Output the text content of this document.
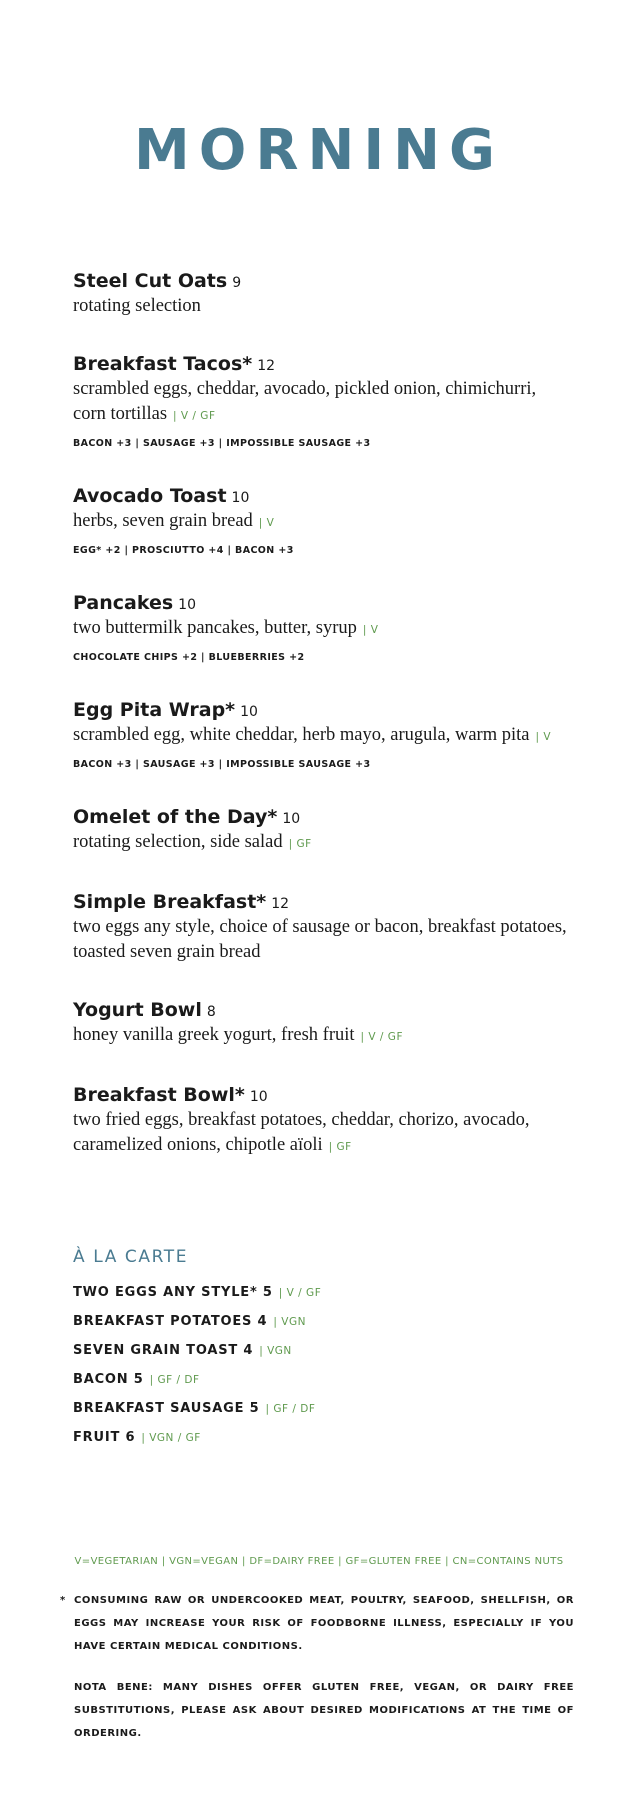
MORNING
Steel Cut Oats 9
rotating selection
Breakfast Tacos* 12
scrambled eggs, cheddar, avocado, pickled onion, chimichurri, corn tortillas | V / GF
BACON +3 | SAUSAGE +3 | IMPOSSIBLE SAUSAGE +3
Avocado Toast 10
herbs, seven grain bread | V
EGG* +2 | PROSCIUTTO +4 | BACON +3
Pancakes 10
two buttermilk pancakes, butter, syrup | V
CHOCOLATE CHIPS +2 | BLUEBERRIES +2
Egg Pita Wrap* 10
scrambled egg, white cheddar, herb mayo, arugula, warm pita | V
BACON +3 | SAUSAGE +3 | IMPOSSIBLE SAUSAGE +3
Omelet of the Day* 10
rotating selection, side salad | GF
Simple Breakfast* 12
two eggs any style, choice of sausage or bacon, breakfast potatoes, toasted seven grain bread
Yogurt Bowl 8
honey vanilla greek yogurt, fresh fruit | V / GF
Breakfast Bowl* 10
two fried eggs, breakfast potatoes, cheddar, chorizo, avocado, caramelized onions, chipotle aïoli | GF
À LA CARTE
TWO EGGS ANY STYLE* 5 | V / GF
BREAKFAST POTATOES 4 | VGN
SEVEN GRAIN TOAST 4 | VGN
BACON 5 | GF / DF
BREAKFAST SAUSAGE 5 | GF / DF
FRUIT 6 | VGN / GF
V=VEGETARIAN | VGN=VEGAN | DF=DAIRY FREE | GF=GLUTEN FREE | CN=CONTAINS NUTS

* CONSUMING RAW OR UNDERCOOKED MEAT, POULTRY, SEAFOOD, SHELLFISH, OR EGGS MAY INCREASE YOUR RISK OF FOODBORNE ILLNESS, ESPECIALLY IF YOU HAVE CERTAIN MEDICAL CONDITIONS.

NOTA BENE: MANY DISHES OFFER GLUTEN FREE, VEGAN, OR DAIRY FREE SUBSTITUTIONS, PLEASE ASK ABOUT DESIRED MODIFICATIONS AT THE TIME OF ORDERING.
